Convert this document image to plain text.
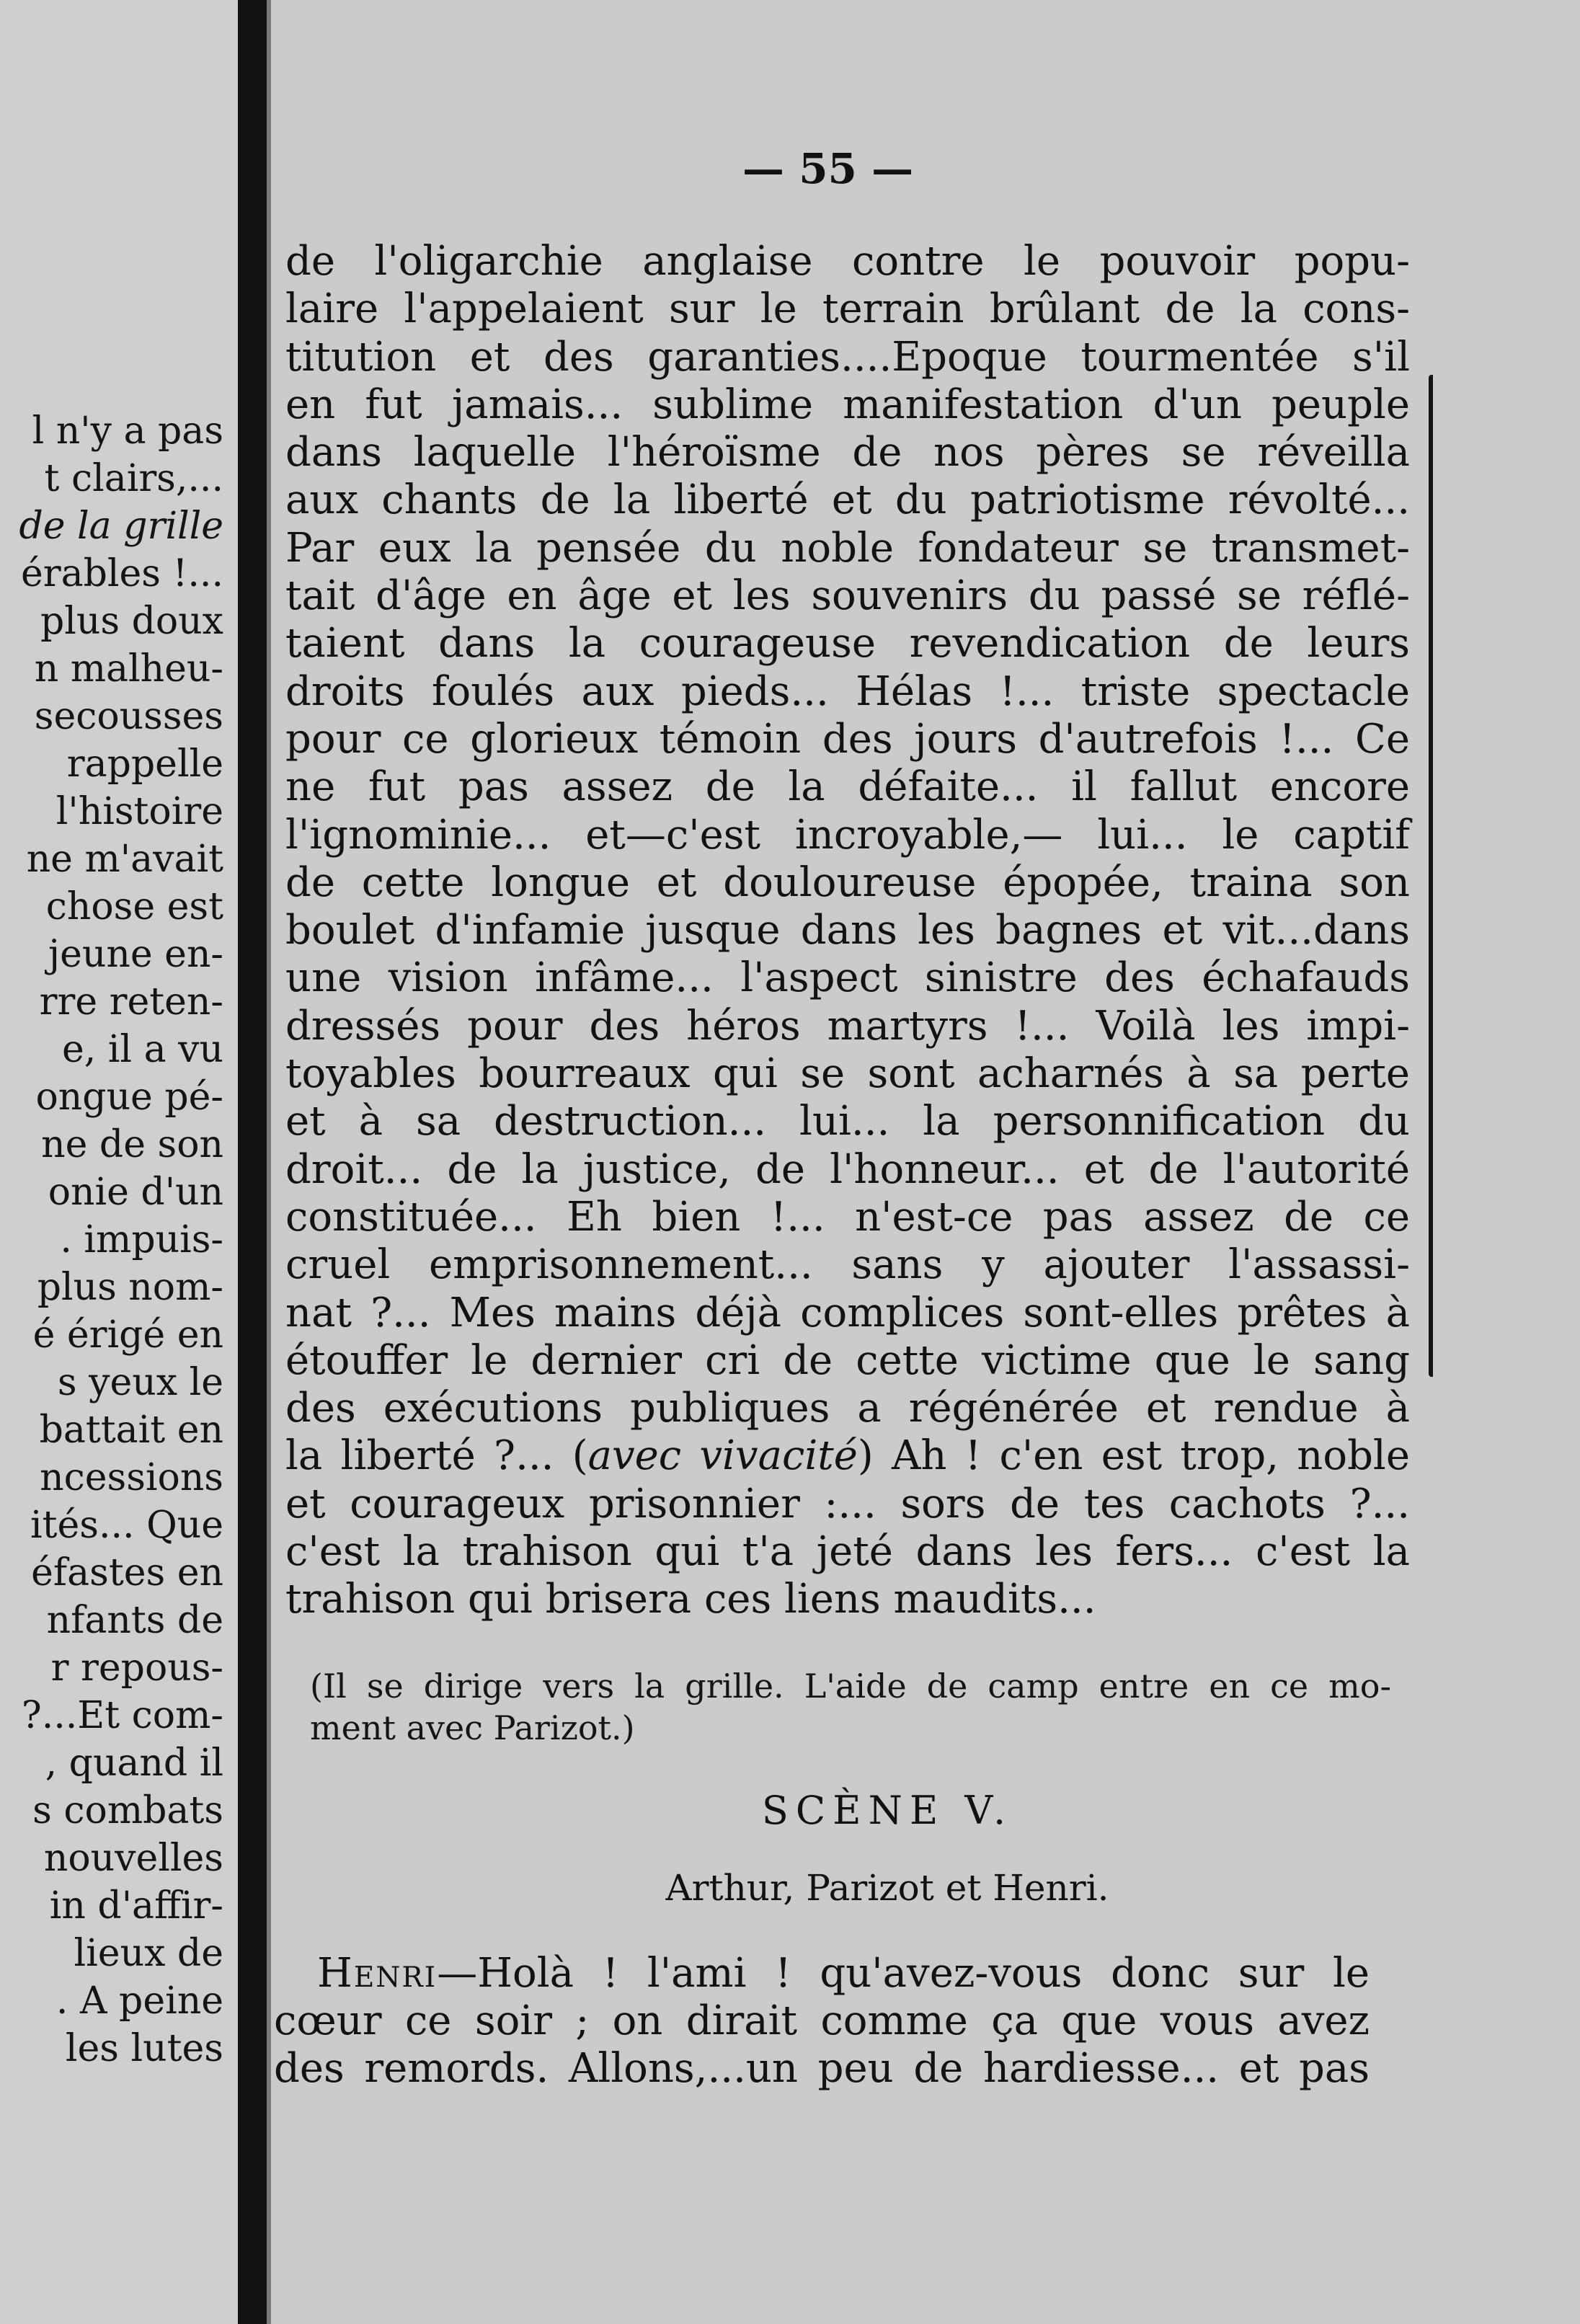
l n'y a pas
t clairs,...
de la grille
érables !...
plus doux
n malheu-
secousses
rappelle
l'histoire
ne m'avait
chose est
jeune en-
rre reten-
e, il a vu
ongue pé-
ne de son
onie d'un
. impuis-
plus nom-
é érigé en
s yeux le
battait en
ncessions
ités... Que
éfastes en
nfants de
r repous-
?...Et com-
, quand il
s combats
nouvelles
in d'affir-
lieux de
. A peine
les lutes
— 55 —
de l'oligarchie anglaise contre le pouvoir popu-
laire l'appelaient sur le terrain brûlant de la cons-
titution et des garanties....Epoque tourmentée s'il
en fut jamais... sublime manifestation d'un peuple
dans laquelle l'héroïsme de nos pères se réveilla
aux chants de la liberté et du patriotisme révolté...
Par eux la pensée du noble fondateur se transmet-
tait d'âge en âge et les souvenirs du passé se réflé-
taient dans la courageuse revendication de leurs
droits foulés aux pieds... Hélas !... triste spectacle
pour ce glorieux témoin des jours d'autrefois !... Ce
ne fut pas assez de la défaite... il fallut encore
l'ignominie... et—c'est incroyable,— lui... le captif
de cette longue et douloureuse épopée, traina son
boulet d'infamie jusque dans les bagnes et vit...dans
une vision infâme... l'aspect sinistre des échafauds
dressés pour des héros martyrs !... Voilà les impi-
toyables bourreaux qui se sont acharnés à sa perte
et à sa destruction... lui... la personnification du
droit... de la justice, de l'honneur... et de l'autorité
constituée... Eh bien !... n'est-ce pas assez de ce
cruel emprisonnement... sans y ajouter l'assassi-
nat ?... Mes mains déjà complices sont-elles prêtes à
étouffer le dernier cri de cette victime que le sang
des exécutions publiques a régénérée et rendue à
la liberté ?... (avec vivacité) Ah ! c'en est trop, noble
et courageux prisonnier :... sors de tes cachots ?...
c'est la trahison qui t'a jeté dans les fers... c'est la
trahison qui brisera ces liens maudits...
(Il se dirige vers la grille. L'aide de camp entre en ce mo-
ment avec Parizot.)
SCÈNE V.
Arthur, Parizot et Henri.
Henri—Holà ! l'ami ! qu'avez-vous donc sur le
cœur ce soir ; on dirait comme ça que vous avez
des remords. Allons,...un peu de hardiesse... et pas
